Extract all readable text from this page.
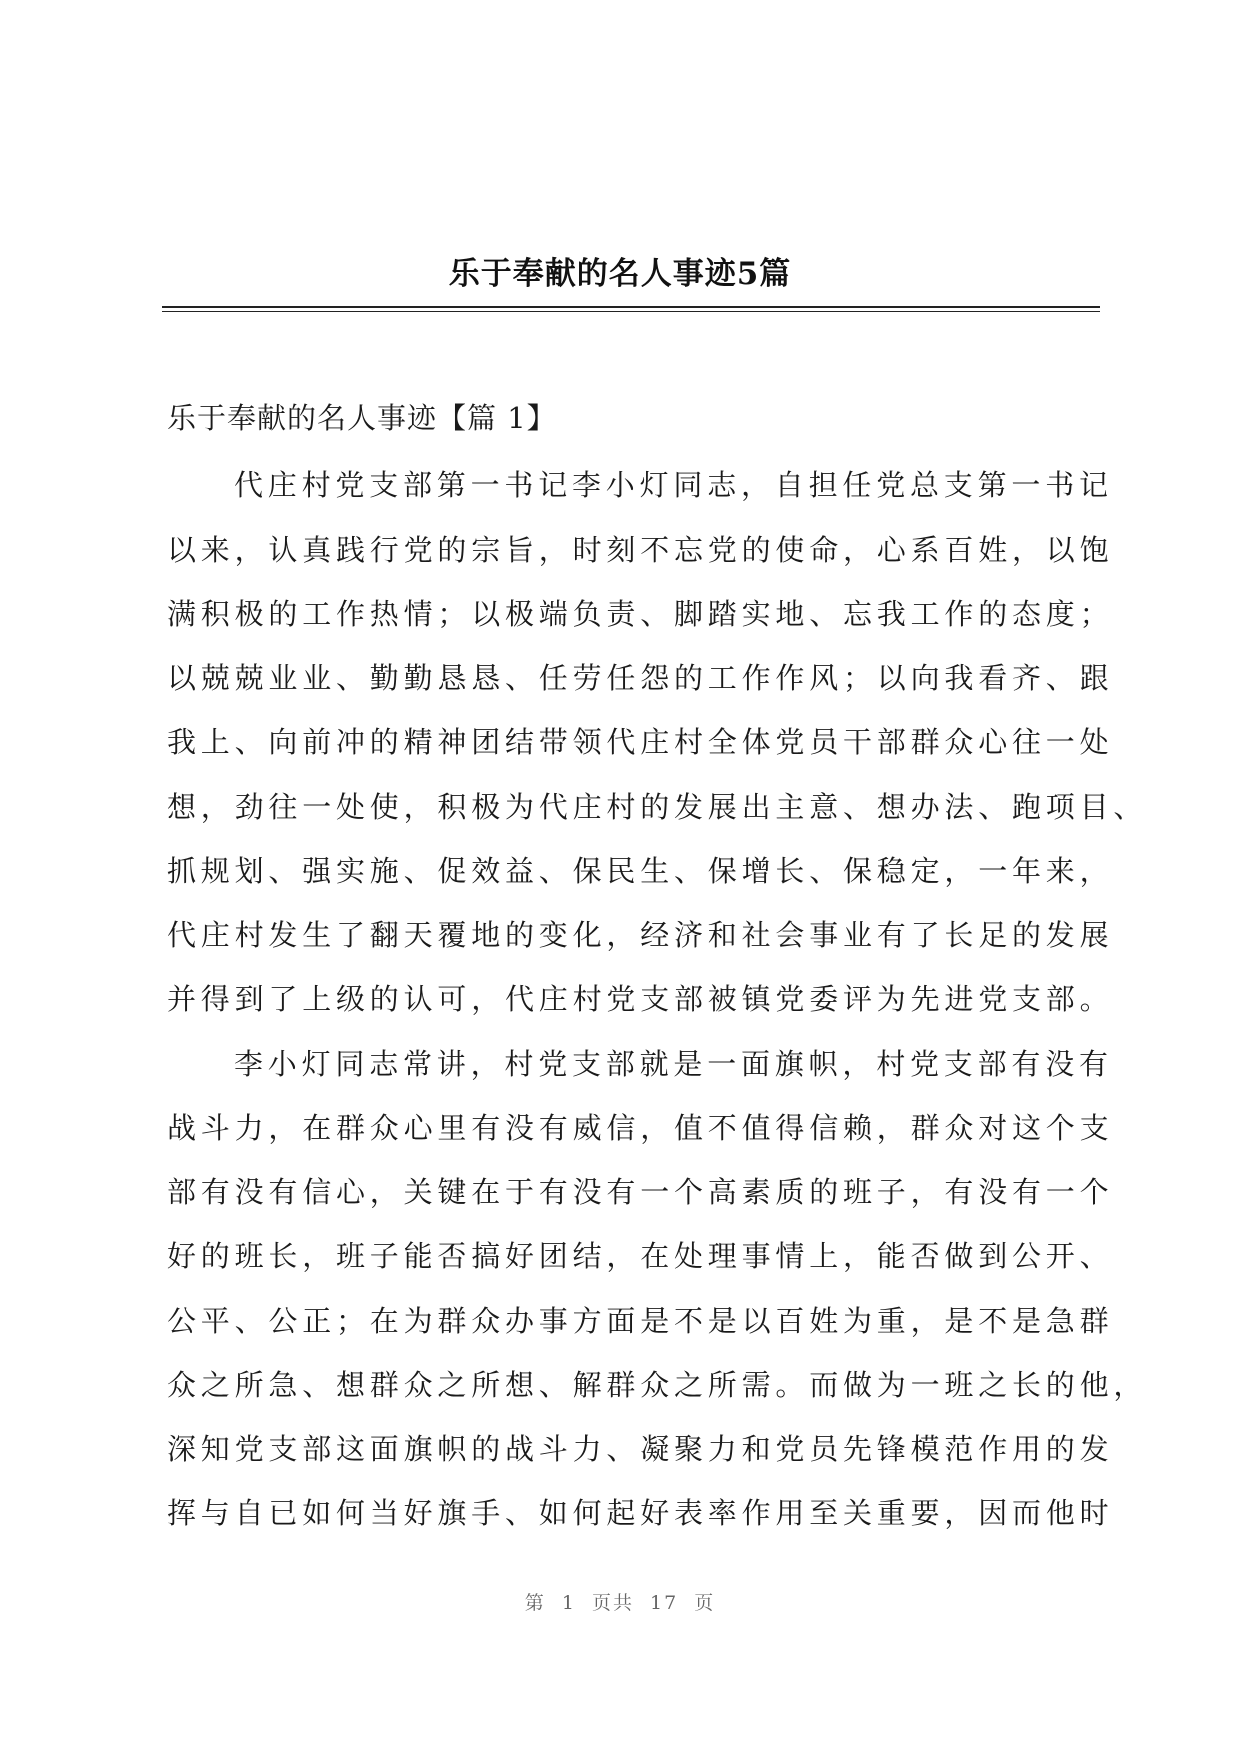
乐于奉献的名人事迹5篇
乐于奉献的名人事迹【篇 1】
代庄村党支部第一书记李小灯同志，自担任党总支第一书记
以来，认真践行党的宗旨，时刻不忘党的使命，心系百姓，以饱
满积极的工作热情；以极端负责、脚踏实地、忘我工作的态度；
以兢兢业业、勤勤恳恳、任劳任怨的工作作风；以向我看齐、跟
我上、向前冲的精神团结带领代庄村全体党员干部群众心往一处
想，劲往一处使，积极为代庄村的发展出主意、想办法、跑项目、
抓规划、强实施、促效益、保民生、保增长、保稳定，一年来，
代庄村发生了翻天覆地的变化，经济和社会事业有了长足的发展
并得到了上级的认可，代庄村党支部被镇党委评为先进党支部。
李小灯同志常讲，村党支部就是一面旗帜，村党支部有没有
战斗力，在群众心里有没有威信，值不值得信赖，群众对这个支
部有没有信心，关键在于有没有一个高素质的班子，有没有一个
好的班长，班子能否搞好团结，在处理事情上，能否做到公开、
公平、公正；在为群众办事方面是不是以百姓为重，是不是急群
众之所急、想群众之所想、解群众之所需。而做为一班之长的他，
深知党支部这面旗帜的战斗力、凝聚力和党员先锋模范作用的发
挥与自已如何当好旗手、如何起好表率作用至关重要，因而他时
第 1 页共 17 页
